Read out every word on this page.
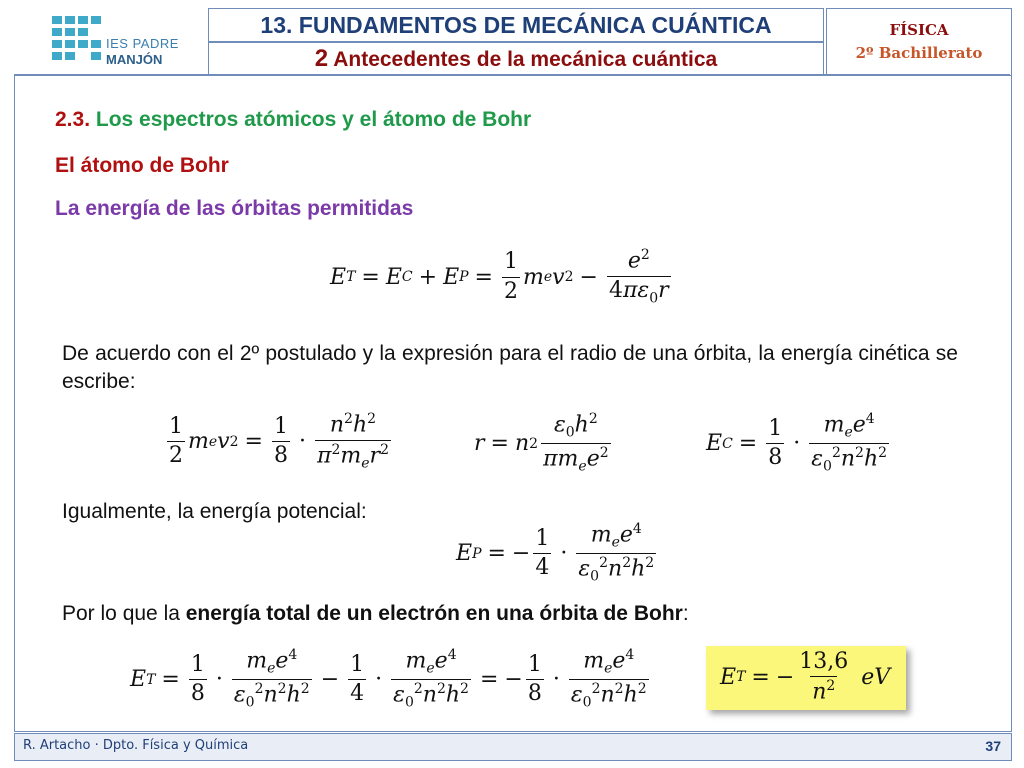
IES PADRE
MANJÓN
13. FUNDAMENTOS DE MECÁNICA CUÁNTICA
2 Antecedentes de la mecánica cuántica
FÍSICA
2º Bachillerato
2.3. Los espectros atómicos y el átomo de Bohr
El átomo de Bohr
La energía de las órbitas permitidas
E T = E C + E $P = \frac{1}{2}$ m e v $2 - \frac{e^2}{4\pi\varepsilon_0r}$
De acuerdo con el 2º postulado y la expresión para el radio de una órbita, la energía cinética se escribe:
1
2
m e v $2 = \frac{1}{8}$ ·
$n^2h^2$
$\pi^2m_er^2$	r = n 2
$\varepsilon_0h^2$
$\pi m_ee^2$	E $C = \frac{1}{8}$ ·
$m_ee^4$
$\varepsilon_0^2n^2h^2$
Igualmente, la energía potencial:
E P = − $\frac{1}{4}$ ·
$m_ee^4$
$\varepsilon_0^2n^2h^2$
Por lo que la energía total de un electrón en una órbita de Bohr:
E $T = \frac{1}{8}$ ·
$m_ee^4$
$\varepsilon_0^2n^2h^2 - \frac{1}{4}$ ·
$m_ee^4$
$\varepsilon_0^2n^2h^2$ = − $\frac{1}{8}$ ·
$m_ee^4$
$\varepsilon_0^2n^2h^2$	E T = − $\frac{13,6}{n^2}$ eV
R. Artacho · Dpto. Física y Química	37
